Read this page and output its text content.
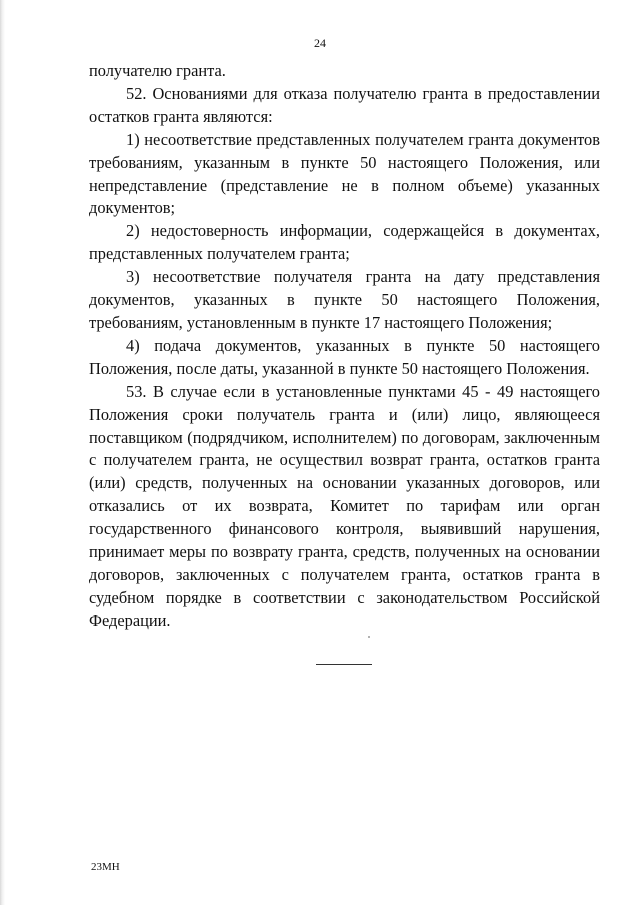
24

получателю гранта.

52. Основаниями для отказа получателю гранта в предоставлении остатков гранта являются:

1) несоответствие представленных получателем гранта документов требованиям, указанным в пункте 50 настоящего Положения, или непредставление (представление не в полном объеме) указанных документов;

2) недостоверность информации, содержащейся в документах, представленных получателем гранта;

3) несоответствие получателя гранта на дату представления документов, указанных в пункте 50 настоящего Положения, требованиям, установленным в пункте 17 настоящего Положения;

4) подача документов, указанных в пункте 50 настоящего Положения, после даты, указанной в пункте 50 настоящего Положения.

53. В случае если в установленные пунктами 45 - 49 настоящего Положения сроки получатель гранта и (или) лицо, являющееся поставщиком (подрядчиком, исполнителем) по договорам, заключенным с получателем гранта, не осуществил возврат гранта, остатков гранта (или) средств, полученных на основании указанных договоров, или отказались от их возврата, Комитет по тарифам или орган государственного финансового контроля, выявивший нарушения, принимает меры по возврату гранта, средств, полученных на основании договоров, заключенных с получателем гранта, остатков гранта в судебном порядке в соответствии с законодательством Российской Федерации.

23МН
